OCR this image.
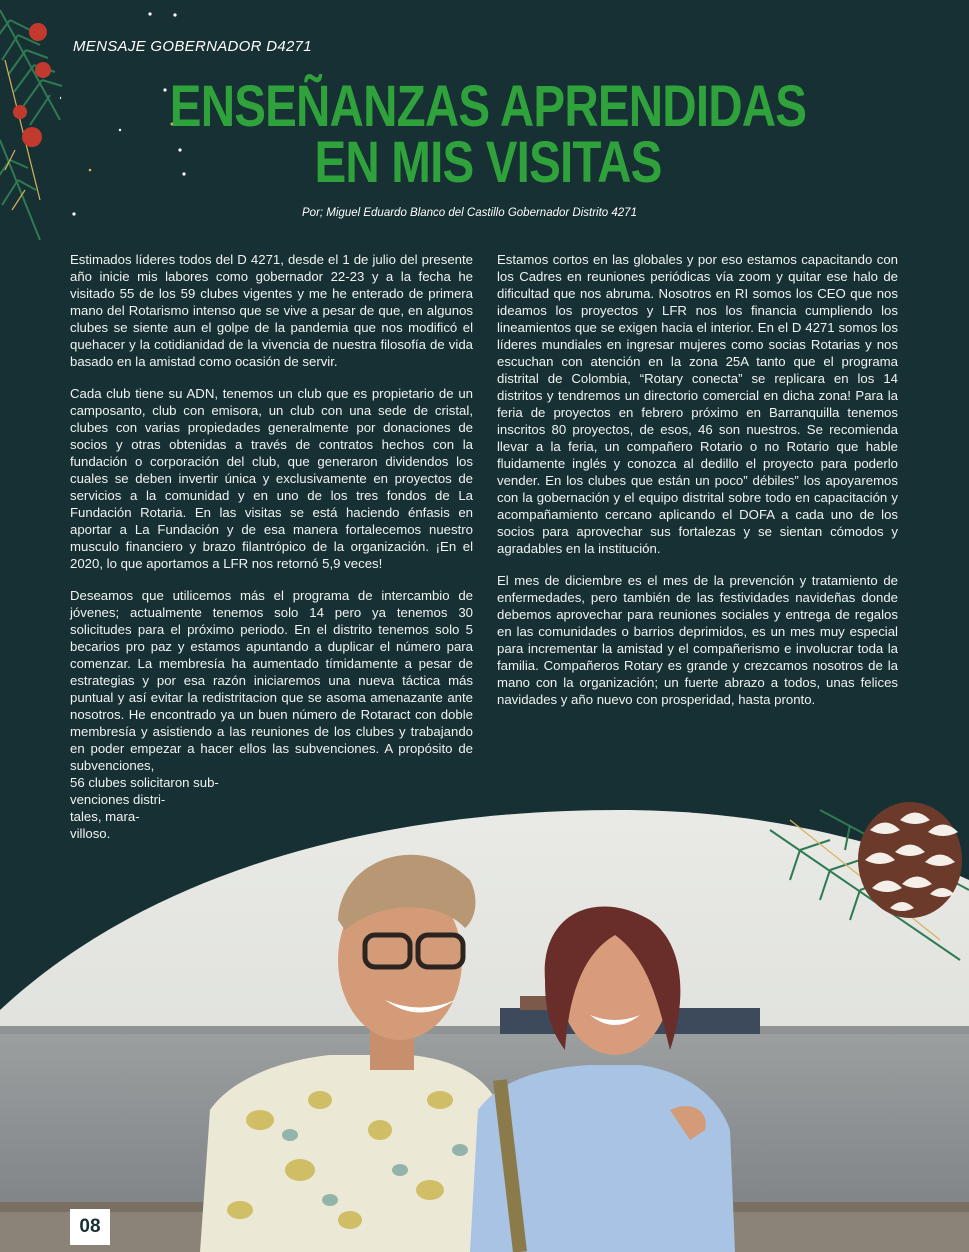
MENSAJE GOBERNADOR D4271
ENSEÑANZAS APRENDIDAS
EN MIS VISITAS
Por; Miguel Eduardo Blanco del Castillo Gobernador Distrito 4271

Estimados líderes todos del D 4271, desde el 1 de julio del presente año inicie mis labores como gobernador 22-23 y a la fecha he visitado 55 de los 59 clubes vigentes y me he enterado de primera mano del Rotarismo intenso que se vive a pesar de que, en algunos clubes se siente aun el golpe de la pandemia que nos modificó el quehacer y la cotidianidad de la vivencia de nuestra filosofía de vida basado en la amistad como ocasión de servir.

Cada club tiene su ADN, tenemos un club que es propietario de un camposanto, club con emisora, un club con una sede de cristal, clubes con varias propiedades generalmente por donaciones de socios y otras obtenidas a través de contratos hechos con la fundación o corporación del club, que generaron dividendos los cuales se deben invertir única y exclusivamente en proyectos de servicios a la comunidad y en uno de los tres fondos de La Fundación Rotaria. En las visitas se está haciendo énfasis en aportar a La Fundación y de esa manera fortalecemos nuestro musculo financiero y brazo filantrópico de la organización. ¡En el 2020, lo que aportamos a LFR nos retornó 5,9 veces!

Deseamos que utilicemos más el programa de intercambio de jóvenes; actualmente tenemos solo 14 pero ya tenemos 30 solicitudes para el próximo periodo. En el distrito tenemos solo 5 becarios pro paz y estamos apuntando a duplicar el número para comenzar. La membresía ha aumentado tímidamente a pesar de estrategias y por esa razón iniciaremos una nueva táctica más puntual y así evitar la redistritacion que se asoma amenazante ante nosotros. He encontrado ya un buen número de Rotaract con doble membresía y asistiendo a las reuniones de los clubes y trabajando en poder empezar a hacer ellos las subvenciones. A propósito de subvenciones,

56 clubes solicitaron sub-
venciones distri-
tales, mara-
villoso.

Estamos cortos en las globales y por eso estamos capacitando con los Cadres en reuniones periódicas vía zoom y quitar ese halo de dificultad que nos abruma. Nosotros en RI somos los CEO que nos ideamos los proyectos y LFR nos los financia cumpliendo los lineamientos que se exigen hacia el interior. En el D 4271 somos los líderes mundiales en ingresar mujeres como socias Rotarias y nos escuchan con atención en la zona 25A tanto que el programa distrital de Colombia, “Rotary conecta” se replicara en los 14 distritos y tendremos un directorio comercial en dicha zona! Para la feria de proyectos en febrero próximo en Barranquilla tenemos inscritos 80 proyectos, de esos, 46 son nuestros. Se recomienda llevar a la feria, un compañero Rotario o no Rotario que hable fluidamente inglés y conozca al dedillo el proyecto para poderlo vender. En los clubes que están un poco” débiles” los apoyaremos con la gobernación y el equipo distrital sobre todo en capacitación y acompañamiento cercano aplicando el DOFA a cada uno de los socios para aprovechar sus fortalezas y se sientan cómodos y agradables en la institución.

El mes de diciembre es el mes de la prevención y tratamiento de enfermedades, pero también de las festividades navideñas donde debemos aprovechar para reuniones sociales y entrega de regalos en las comunidades o barrios deprimidos, es un mes muy especial para incrementar la amistad y el compañerismo e involucrar toda la familia. Compañeros Rotary es grande y crezcamos nosotros de la mano con la organización; un fuerte abrazo a todos, unas felices navidades y año nuevo con prosperidad, hasta pronto.

08
